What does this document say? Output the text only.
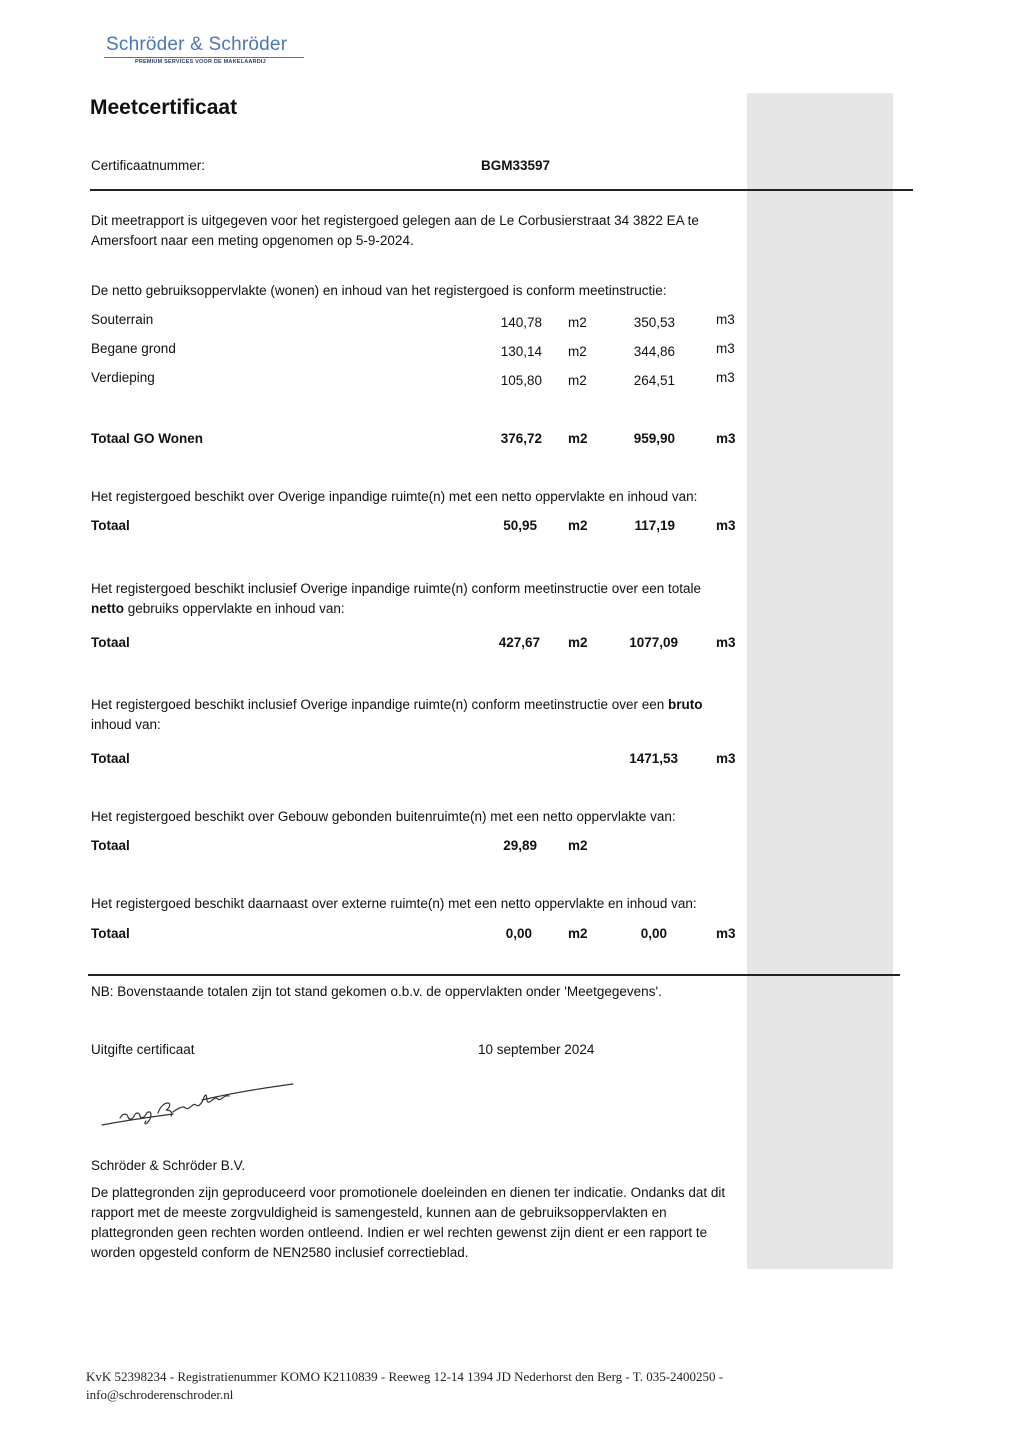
Schröder & Schröder
PREMIUM SERVICES VOOR DE MAKELAARDIJ
Meetcertificaat
Certificaatnummer:	BGM33597
Dit meetrapport is uitgegeven voor het registergoed gelegen aan de Le Corbusierstraat 34 3822 EA te Amersfoort naar een meting opgenomen op 5-9-2024.
De netto gebruiksoppervlakte (wonen) en inhoud van het registergoed is conform meetinstructie:
Souterrain	140,78 m2	350,53	m3
Begane grond	130,14 m2	344,86	m3
Verdieping	105,80 m2	264,51	m3
Totaal GO Wonen	376,72 m2	959,90	m3
Het registergoed beschikt over Overige inpandige ruimte(n) met een netto oppervlakte en inhoud van:
Totaal	50,95 m2	117,19	m3
Het registergoed beschikt inclusief Overige inpandige ruimte(n) conform meetinstructie over een totale
netto gebruiks oppervlakte en inhoud van:
Totaal	427,67 m2	1077,09	m3
Het registergoed beschikt inclusief Overige inpandige ruimte(n) conform meetinstructie over een bruto
inhoud van:
Totaal	1471,53	m3
Het registergoed beschikt over Gebouw gebonden buitenruimte(n) met een netto oppervlakte van:
Totaal	29,89 m2
Het registergoed beschikt daarnaast over externe ruimte(n) met een netto oppervlakte en inhoud van:
Totaal	0,00	m2	0,00	m3
NB: Bovenstaande totalen zijn tot stand gekomen o.b.v. de oppervlakten onder 'Meetgegevens'.
Uitgifte certificaat	10 september 2024
Schröder & Schröder B.V.
De plattegronden zijn geproduceerd voor promotionele doeleinden en dienen ter indicatie. Ondanks dat dit rapport met de meeste zorgvuldigheid is samengesteld, kunnen aan de gebruiksoppervlakten en plattegronden geen rechten worden ontleend. Indien er wel rechten gewenst zijn dient er een rapport te worden opgesteld conform de NEN2580 inclusief correctieblad.
KvK 52398234 - Registratienummer KOMO K2110839 - Reeweg 12-14 1394 JD Nederhorst den Berg - T. 035-2400250 -
info@schroderenschroder.nl
